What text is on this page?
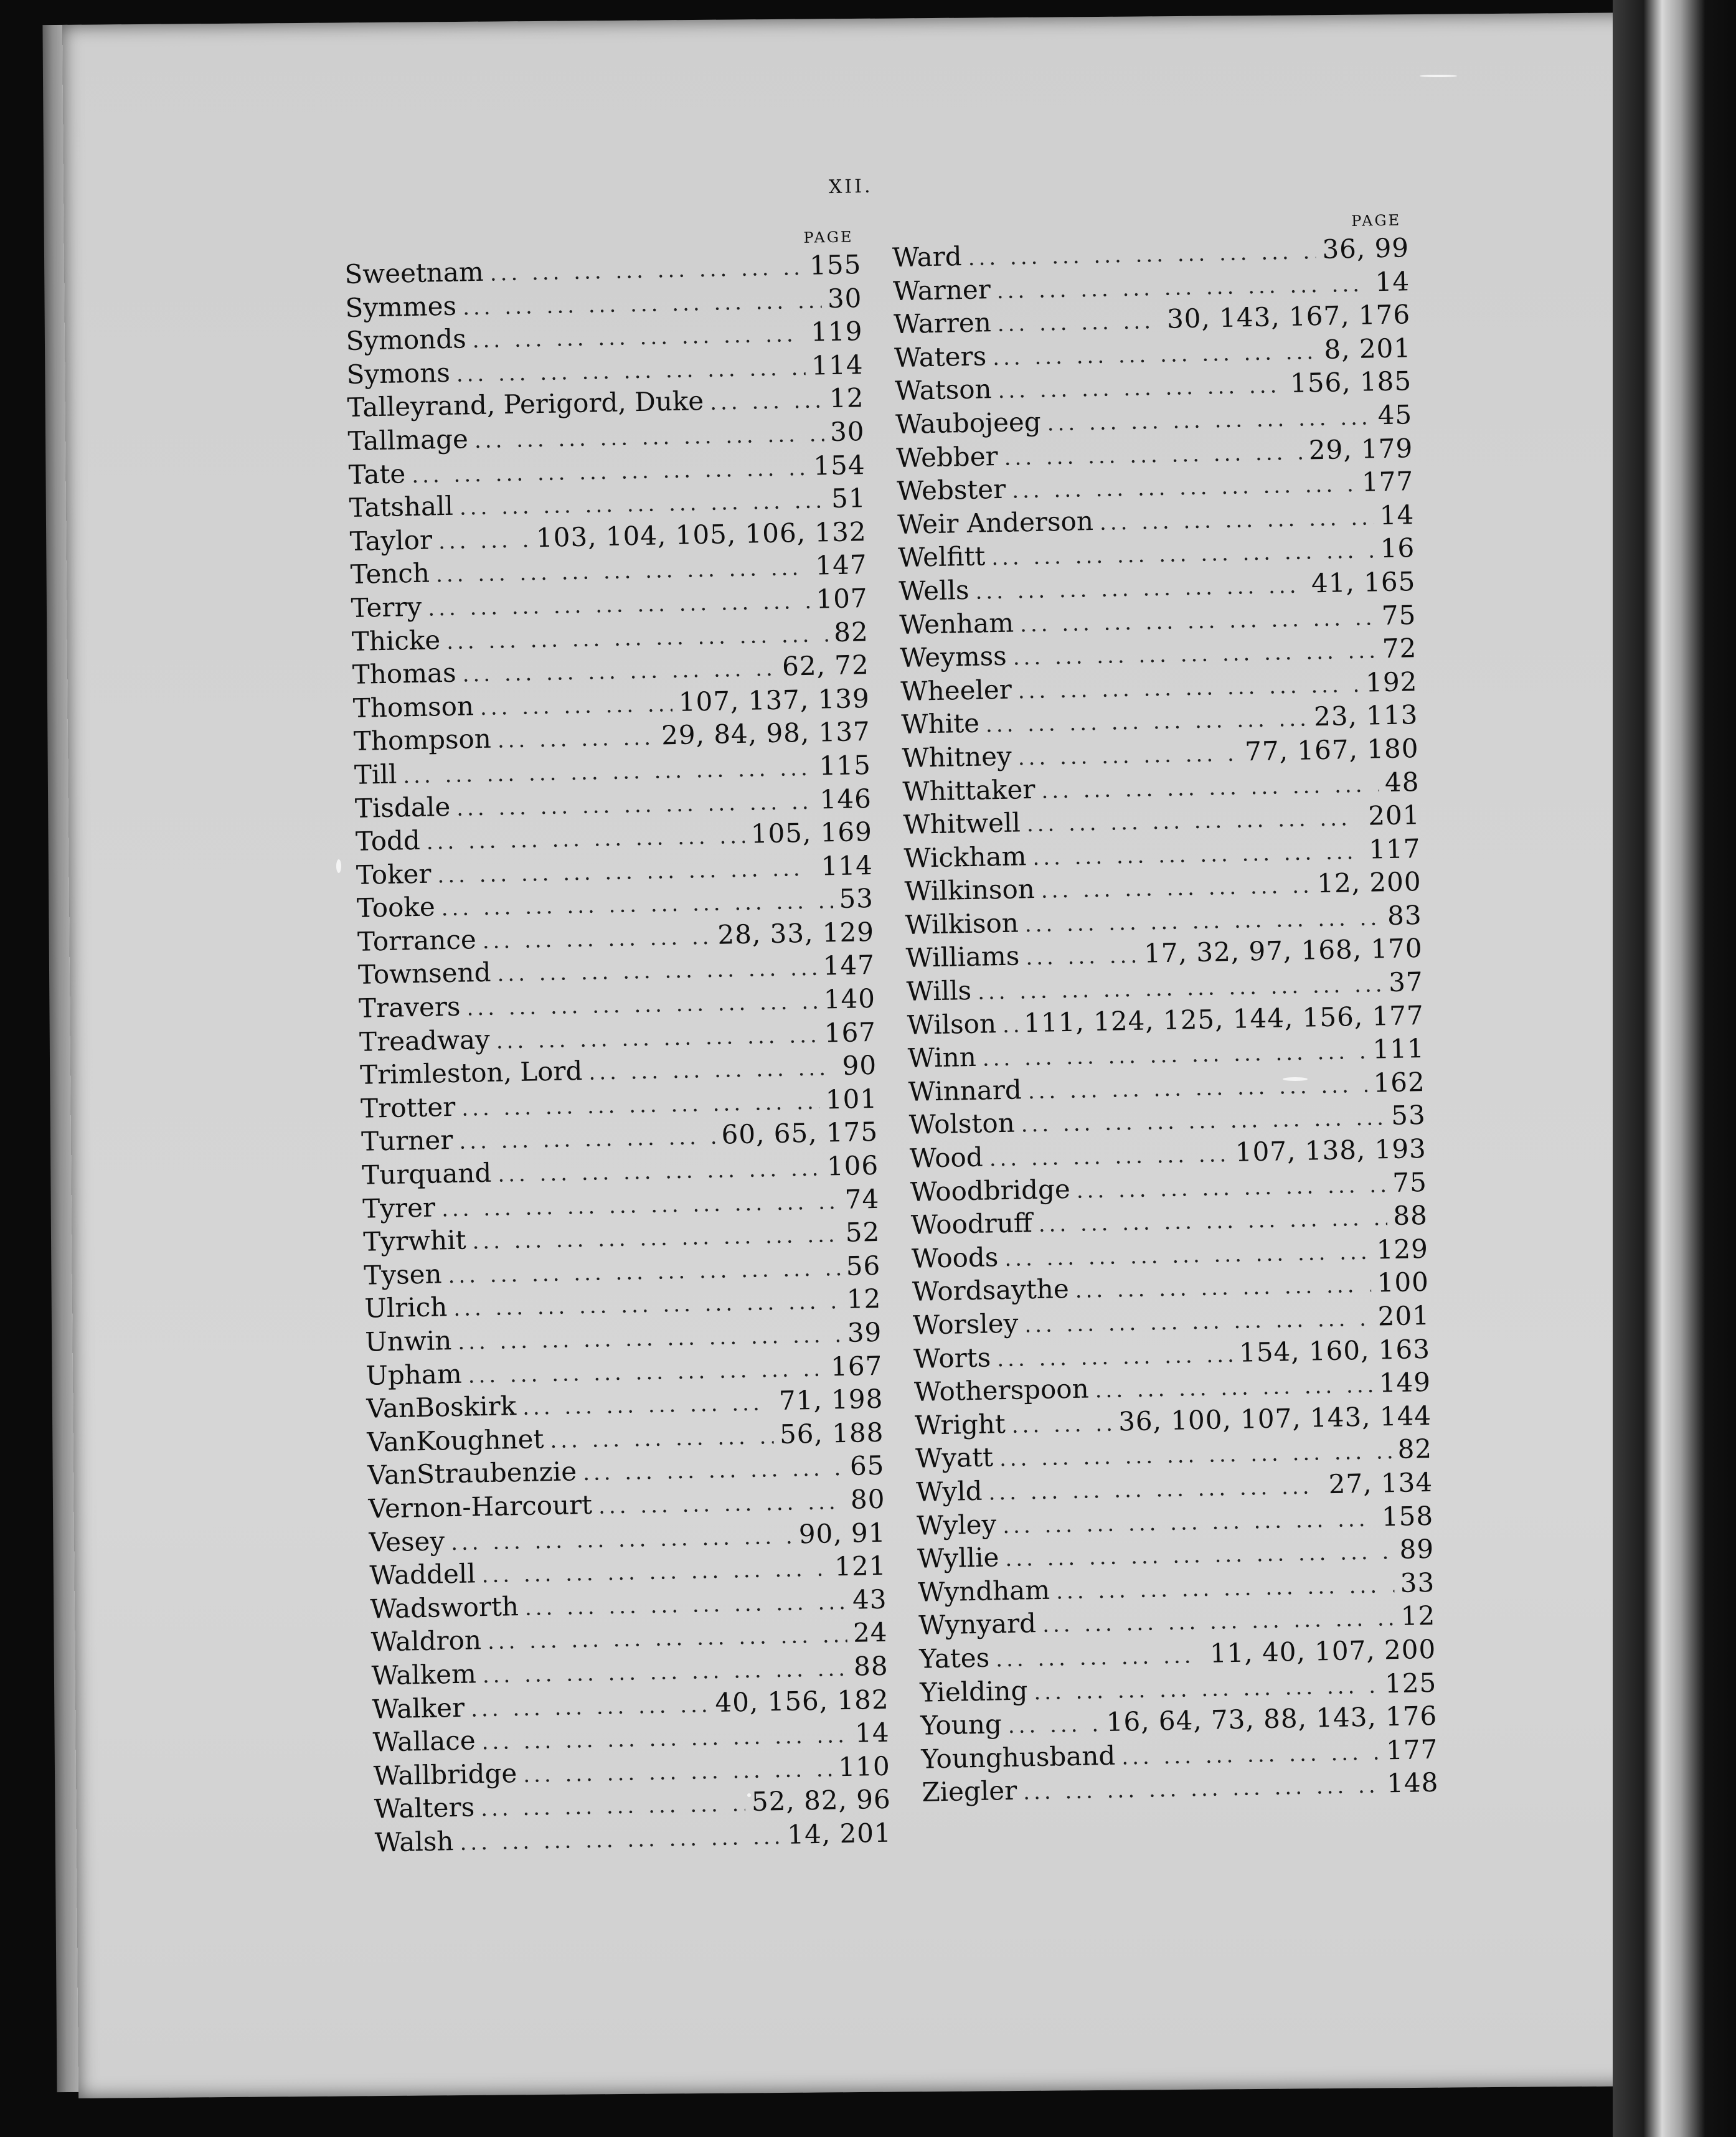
XII.
PAGE
Sweetnam ... .	155
Symmes ... .	30
Symonds ... .	119
Symons ... .	114
Talleyrand, Perigord, Duke ... .	12
Tallmage ... .	30
Tate ... .	154
Tatshall ... .	51
Taylor ... .	103, 104, 105, 106, 132
Tench ... .	147
Terry ... .	107
Thicke ... .	82
Thomas ... .	62, 72
Thomson ... .	107, 137, 139
Thompson ... .	29, 84, 98, 137
Till ... .	115
Tisdale ... .	146
Todd ... .	105, 169
Toker ... .	114
Tooke ... .	53
Torrance ... .	28, 33, 129
Townsend ... .	147
Travers ... .	140
Treadway ... .	167
Trimleston, Lord ... .	90
Trotter ... .	101
Turner ... .	60, 65, 175
Turquand ... .	106
Tyrer ... .	74
Tyrwhit ... .	52
Tysen ... .	56
Ulrich ... .	12
Unwin ... .	39
Upham ... .	167
VanBoskirk ... .	71, 198
VanKoughnet ... .	56, 188
VanStraubenzie ... .	65
Vernon-Harcourt ... .	80
Vesey ... .	90, 91
Waddell ... .	121
Wadsworth ... .	43
Waldron ... .	24
Walkem ... .	88
Walker ... .	40, 156, 182
Wallace ... .	14
Wallbridge ... .	110
Walters ... .	52, 82, 96
Walsh ... .	14, 201
PAGE
Ward ... .	36, 99
Warner ... .	14
Warren ... .	30, 143, 167, 176
Waters ... .	8, 201
Watson ... .	156, 185
Waubojeeg ... .	45
Webber ... .	29, 179
Webster ... .	177
Weir Anderson ... .	14
Welfitt ... .	16
Wells ... .	41, 165
Wenham ... .	75
Weymss ... .	72
Wheeler ... .	192
White ... .	23, 113
Whitney ... .	77, 167, 180
Whittaker ... .	48
Whitwell ... .	201
Wickham ... .	117
Wilkinson ... .	12, 200
Wilkison ... .	83
Williams ... .	17, 32, 97, 168, 170
Wills ... .	37
Wilson ... . 111, 124, 125, 144, 156, 177
Winn ... .	111
Winnard ... .	162
Wolston ... .	53
Wood ... .	107, 138, 193
Woodbridge ... .	75
Woodruff ... .	88
Woods ... .	129
Wordsaythe ... .	100
Worsley ... .	201
Worts ... .	154, 160, 163
Wotherspoon ... .	149
Wright ... .	36, 100, 107, 143, 144
Wyatt ... .	82
Wyld ... .	27, 134
Wyley ... .	158
Wyllie ... .	89
Wyndham ... .	33
Wynyard ... .	12
Yates ... .	11, 40, 107, 200
Yielding ... .	125
Young ... .	16, 64, 73, 88, 143, 176
Younghusband ... .	177
Ziegler ... .	148
